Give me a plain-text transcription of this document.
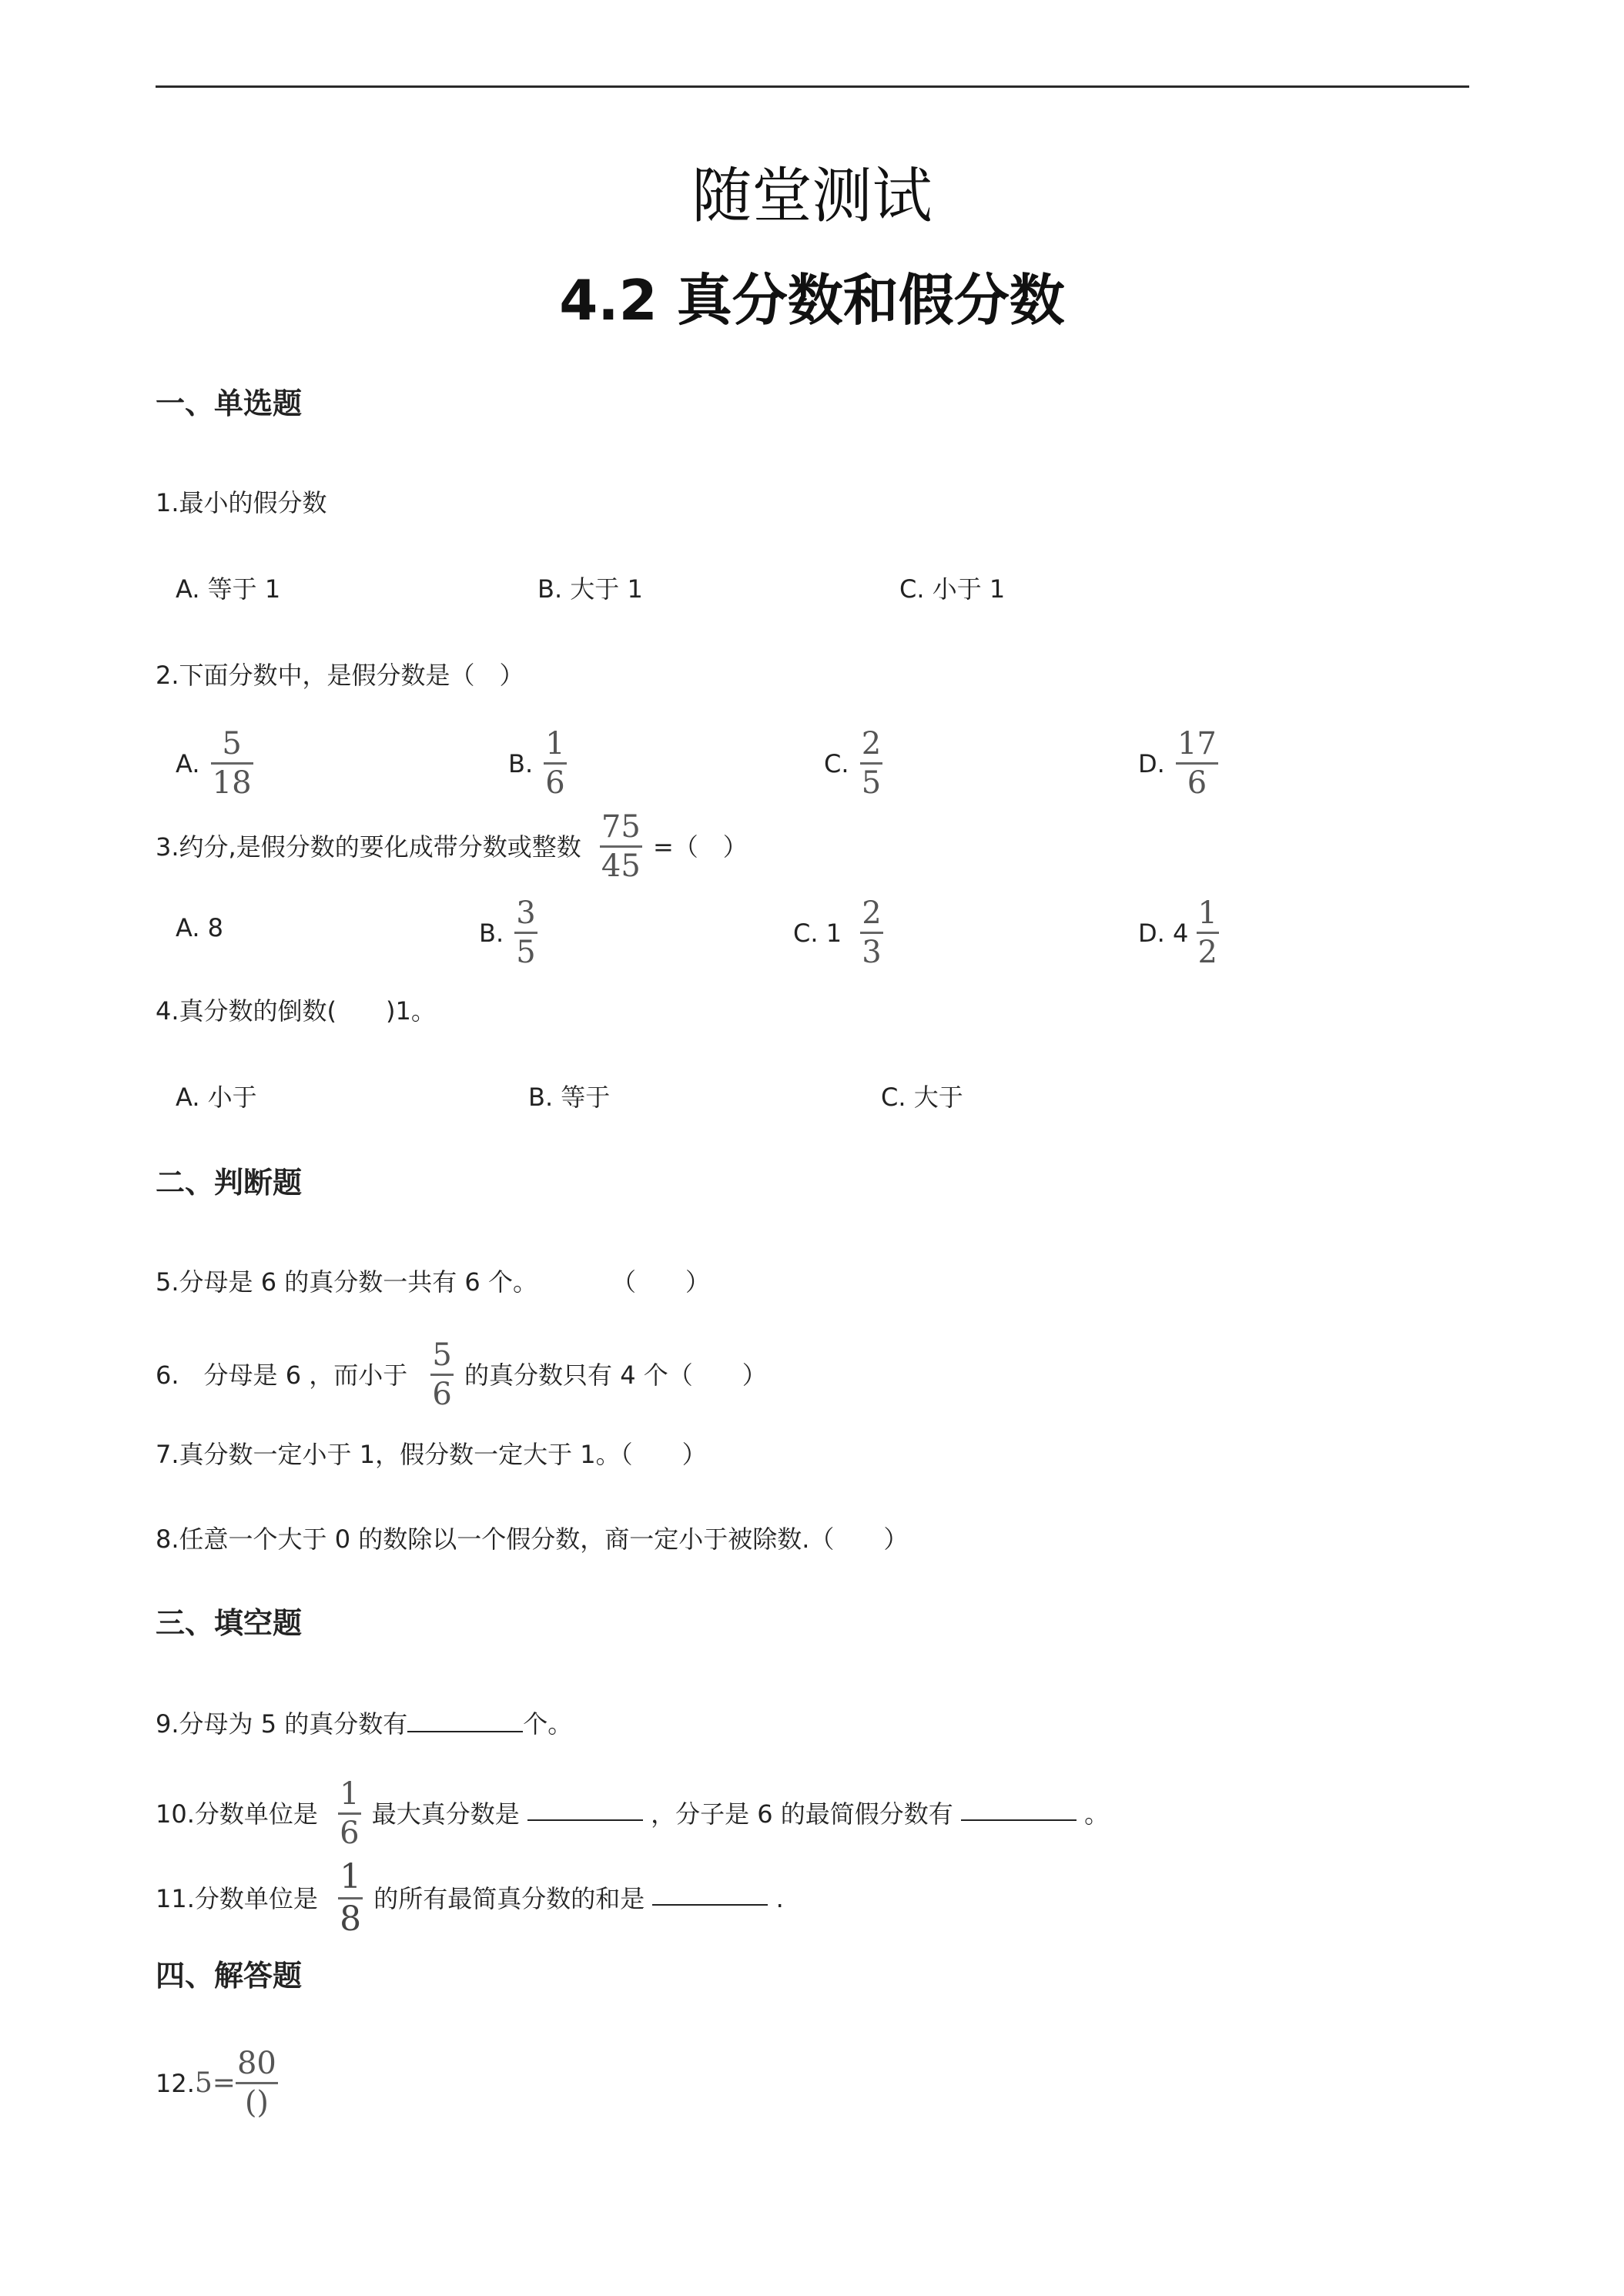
随堂测试
4.2 真分数和假分数
一、单选题
1.最小的假分数
A. 等于 1	B. 大于 1	C. 小于 1
2.下面分数中，是假分数是（　）
A. $\frac{5}{18}$	B. $\frac{1}{6}$	C. $\frac{2}{5}$	D. $\frac{17}{6}$
3.约分,是假分数的要化成带分数或整数 $\frac{75}{45}$ =（　）
A. 8	B. $\frac{3}{5}$	C. $1 \frac{2}{3}$	D. $4 \frac{1}{2}$
4.真分数的倒数(　　)1。
A. 小于	B. 等于	C. 大于
二、判断题
5.分母是 6 的真分数一共有 6 个。	（　　）
6.　分母是 6 ，而小于 $\frac{5}{6}$ 的真分数只有 4 个（　　）
7.真分数一定小于 1，假分数一定大于 1。（　　）
8.任意一个大于 0 的数除以一个假分数，商一定小于被除数.（　　）
三、填空题
9.分母为 5 的真分数有	个。
10.分数单位是 $\frac{1}{6}$ 最大真分数是	，分子是 6 的最简假分数有	。
11.分数单位是 $\frac{1}{8}$ 的所有最简真分数的和是	.
四、解答题
$12.5= \frac{80}{()}$
